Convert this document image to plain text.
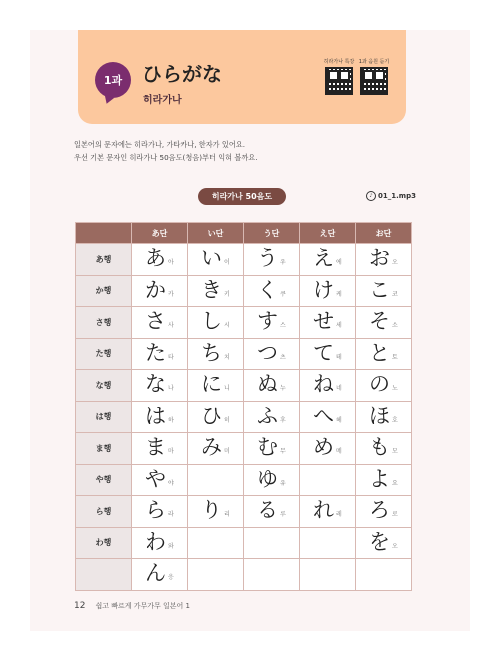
1과 ひらがな
히라가나
히라가나 특강 1과 음원 듣기
일본어의 문자에는 히라가나, 가타카나, 한자가 있어요.
우선 기본 문자인 히라가나 50음도(청음)부터 익혀 볼까요.
히라가나 50음도	♪ 01_1.mp3
	あ단	い단	う단	え단	お단
あ행	あ 아	い 이	う 우	え 에	お 오

か행	か 카	き 키	く 쿠	け 케	こ 코

さ행	さ 사	し 시	す 스	せ 세	そ 소

た행	た 타	ち 치	つ 츠	て 테	と 토

な행	な 나	に 니	ぬ 누	ね 네	の 노

は행	は 하	ひ 히	ふ 후	へ 헤	ほ 호

ま행	ま 마	み 미	む 무	め 메	も 모

や행	や 야		ゆ 유		よ 요

ら행	ら 라	り 리	る 루	れ 레	ろ 로

わ행	わ 와				を 오

	ん 응				

12 쉽고 빠르게 가무가무 일본어 1
